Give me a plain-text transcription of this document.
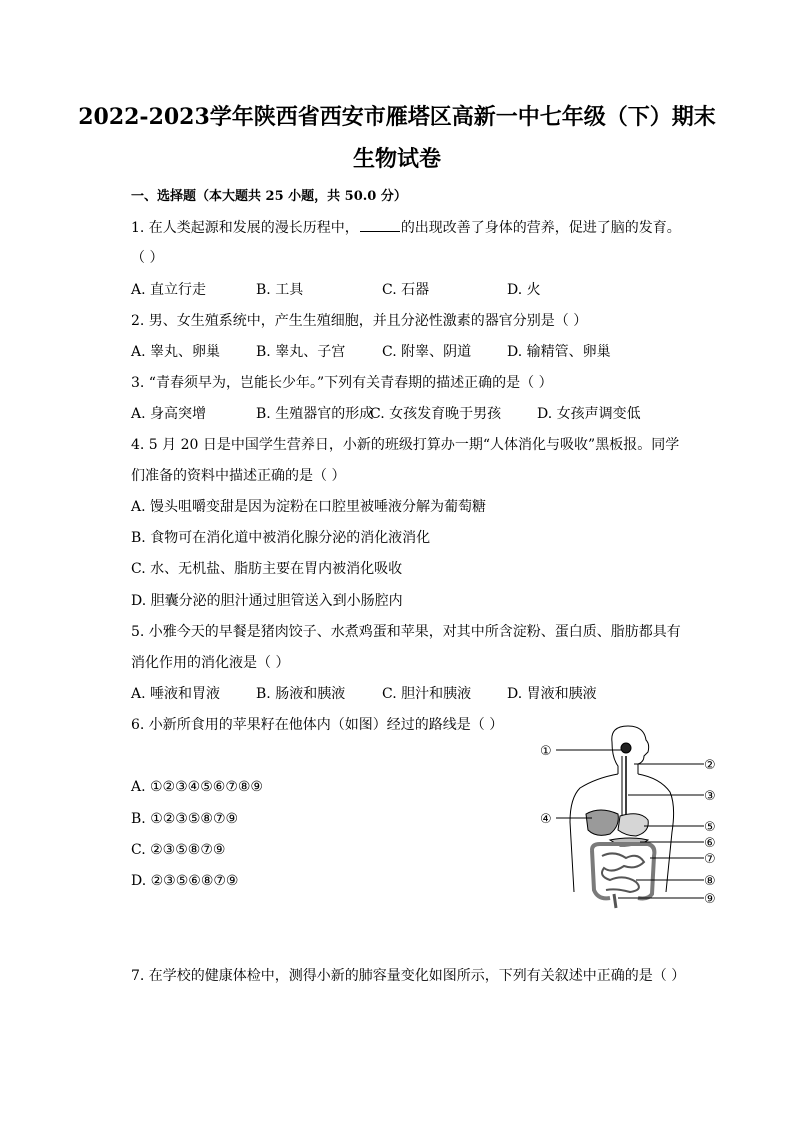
2022-2023学年陕西省西安市雁塔区高新一中七年级（下）期末
生物试卷
一、选择题（本大题共 25 小题，共 50.0 分）
1. 在人类起源和发展的漫长历程中，	的出现改善了身体的营养，促进了脑的发育。
（ ）
A. 直立行走	B. 工具	C. 石器	D. 火
2. 男、女生殖系统中，产生生殖细胞，并且分泌性激素的器官分别是（ ）
A. 睾丸、卵巢	B. 睾丸、子宫	C. 附睾、阴道	D. 输精管、卵巢
3. “青春须早为，岂能长少年。”下列有关青春期的描述正确的是（ ）
A. 身高突增	B. 生殖器官的形成
C. 女孩发育晚于男孩	D. 女孩声调变低
4. 5 月 20 日是中国学生营养日，小新的班级打算办一期“人体消化与吸收”黑板报。同学
们准备的资料中描述正确的是（ ）
A. 馒头咀嚼变甜是因为淀粉在口腔里被唾液分解为葡萄糖
B. 食物可在消化道中被消化腺分泌的消化液消化
C. 水、无机盐、脂肪主要在胃内被消化吸收
D. 胆囊分泌的胆汁通过胆管送入到小肠腔内
5. 小雅今天的早餐是猪肉饺子、水煮鸡蛋和苹果，对其中所含淀粉、蛋白质、脂肪都具有
消化作用的消化液是（ ）
A. 唾液和胃液	B. 肠液和胰液	C. 胆汁和胰液	D. 胃液和胰液
6. 小新所食用的苹果籽在他体内（如图）经过的路线是（ ）
A. ①②③④⑤⑥⑦⑧⑨
B. ①②③⑤⑧⑦⑨
C. ②③⑤⑧⑦⑨
D. ②③⑤⑥⑧⑦⑨
①
②
③
④
⑤
⑥
⑦
⑧
⑨
7. 在学校的健康体检中，测得小新的肺容量变化如图所示，下列有关叙述中正确的是（ ）
